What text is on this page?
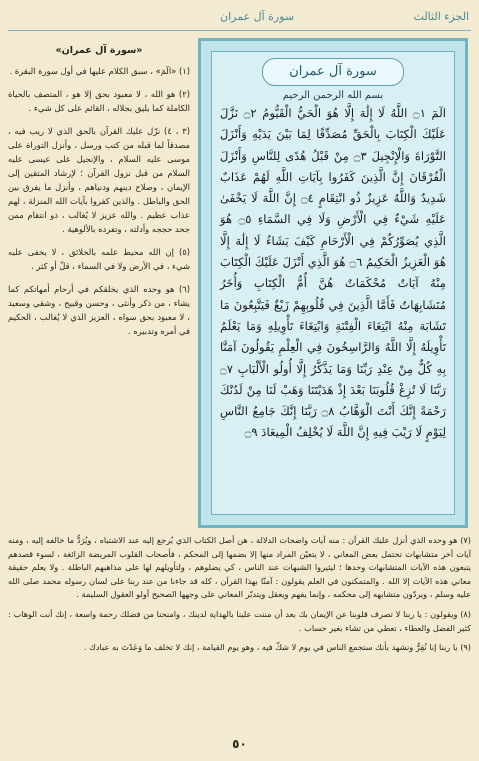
الجزء الثالث
سورة آل عمران
سورة آل عمران
بسم الله الرحمن الرحيم
الٓمٓ ۝١ اللَّهُ لَا إِلَٰهَ إِلَّا هُوَ الْحَيُّ الْقَيُّومُ ۝٢ نَزَّلَ عَلَيْكَ الْكِتَابَ بِالْحَقِّ مُصَدِّقًا لِمَا بَيْنَ يَدَيْهِ وَأَنْزَلَ التَّوْرَاةَ وَالْإِنْجِيلَ ۝٣ مِنْ قَبْلُ هُدًى لِلنَّاسِ وَأَنْزَلَ الْفُرْقَانَ إِنَّ الَّذِينَ كَفَرُوا بِآيَاتِ اللَّهِ لَهُمْ عَذَابٌ شَدِيدٌ وَاللَّهُ عَزِيزٌ ذُو انْتِقَامٍ ۝٤ إِنَّ اللَّهَ لَا يَخْفَىٰ عَلَيْهِ شَيْءٌ فِي الْأَرْضِ وَلَا فِي السَّمَاءِ ۝٥ هُوَ الَّذِي يُصَوِّرُكُمْ فِي الْأَرْحَامِ كَيْفَ يَشَاءُ لَا إِلَٰهَ إِلَّا هُوَ الْعَزِيزُ الْحَكِيمُ ۝٦ هُوَ الَّذِي أَنْزَلَ عَلَيْكَ الْكِتَابَ مِنْهُ آيَاتٌ مُحْكَمَاتٌ هُنَّ أُمُّ الْكِتَابِ وَأُخَرُ مُتَشَابِهَاتٌ فَأَمَّا الَّذِينَ فِي قُلُوبِهِمْ زَيْغٌ فَيَتَّبِعُونَ مَا تَشَابَهَ مِنْهُ ابْتِغَاءَ الْفِتْنَةِ وَابْتِغَاءَ تَأْوِيلِهِ وَمَا يَعْلَمُ تَأْوِيلَهُ إِلَّا اللَّهُ وَالرَّاسِخُونَ فِي الْعِلْمِ يَقُولُونَ آمَنَّا بِهِ كُلٌّ مِنْ عِنْدِ رَبِّنَا وَمَا يَذَّكَّرُ إِلَّا أُولُو الْأَلْبَابِ ۝٧ رَبَّنَا لَا تُزِغْ قُلُوبَنَا بَعْدَ إِذْ هَدَيْتَنَا وَهَبْ لَنَا مِنْ لَدُنْكَ رَحْمَةً إِنَّكَ أَنْتَ الْوَهَّابُ ۝٨ رَبَّنَا إِنَّكَ جَامِعُ النَّاسِ لِيَوْمٍ لَا رَيْبَ فِيهِ إِنَّ اللَّهَ لَا يُخْلِفُ الْمِيعَادَ ۝٩
«سورة آل عمران»

(١) «الٓمٓ» ، سبق الكلام عليها في أول سورة البقرة .

(٢) هو الله ، لا معبود بحق إلا هو ، المتصف بالحياة الكاملة كما يليق بجلاله ، القائم على كل شيء .

(٣ ، ٤) نزّل عليك القرآن بالحق الذي لا ريب فيه ، مصدقاً لما قبله من كتب ورسل ، وأنزل التوراة على موسى عليه السلام ، والإنجيل على عيسى عليه السلام من قبل نزول القرآن ؛ لإرشاد المتقين إلى الإيمان ، وصلاح دينهم ودنياهم ، وأنزل ما يفرق بين الحق والباطل . والذين كفروا بآيات الله المنزلة ، لهم عذاب عظيم . والله عزيز لا يُغالب ، ذو انتقام ممن جحد حججه وأدلته ، وتفرده بالألوهية .

(٥) إن الله محيط علمه بالخلائق ، لا يخفى عليه شيء ، في الأرض ولا في السماء ، قلّ أو كثر .

(٦) هو وحده الذي يخلقكم في أرحام أمهاتكم كما يشاء ، من ذكر وأنثى ، وحسن وقبيح ، وشقي وسعيد ، لا معبود بحق سواه ، العزيز الذي لا يُغالب ، الحكيم في أمره وتدبيره .

(٧) هو وحده الذي أنزل عليك القرآن : منه آيات واضحات الدلالة ، هن أصل الكتاب الذي يُرجع إليه عند الاشتباه ، ويُرَدُّ ما خالفه إليه ، ومنه آيات أخر متشابهات تحتمل بعض المعاني ، لا يتعيّن المراد منها إلا بضمها إلى المحكم ، فأصحاب القلوب المريضة الزائغة ، لسوء قصدهم يتبعون هذه الآيات المتشابهات وحدها ؛ ليثيروا الشبهات عند الناس ، كي يضلوهم ، ولتأويلهم لها على مذاهبهم الباطلة . ولا يعلم حقيقة معاني هذه الآيات إلا الله . والمتمكنون في العلم يقولون : آمنّا بهذا القرآن ، كله قد جاءنا من عند ربنا على لسان رسوله محمد صلى الله عليه وسلم ، ويردّون متشابهه إلى محكمه ، وإنما يفهم ويعقل ويتدبّر المعاني على وجهها الصحيح أولو العقول السليمة .

(٨) ويقولون : يا ربنا لا تصرف قلوبنا عن الإيمان بك بعد أن مننت علينا بالهداية لدينك ، وامنحنا من فضلك رحمة واسعة ، إنك أنت الوهاب : كثير الفضل والعطاء ، تعطي من تشاء بغير حساب .

(٩) يا ربنا إنا نُقِرُّ ونشهد بأنك ستجمع الناس في يوم لا شكّ فيه ، وهو يوم القيامة ، إنك لا تخلف ما وَعَدْتَ به عبادك .

٥٠
